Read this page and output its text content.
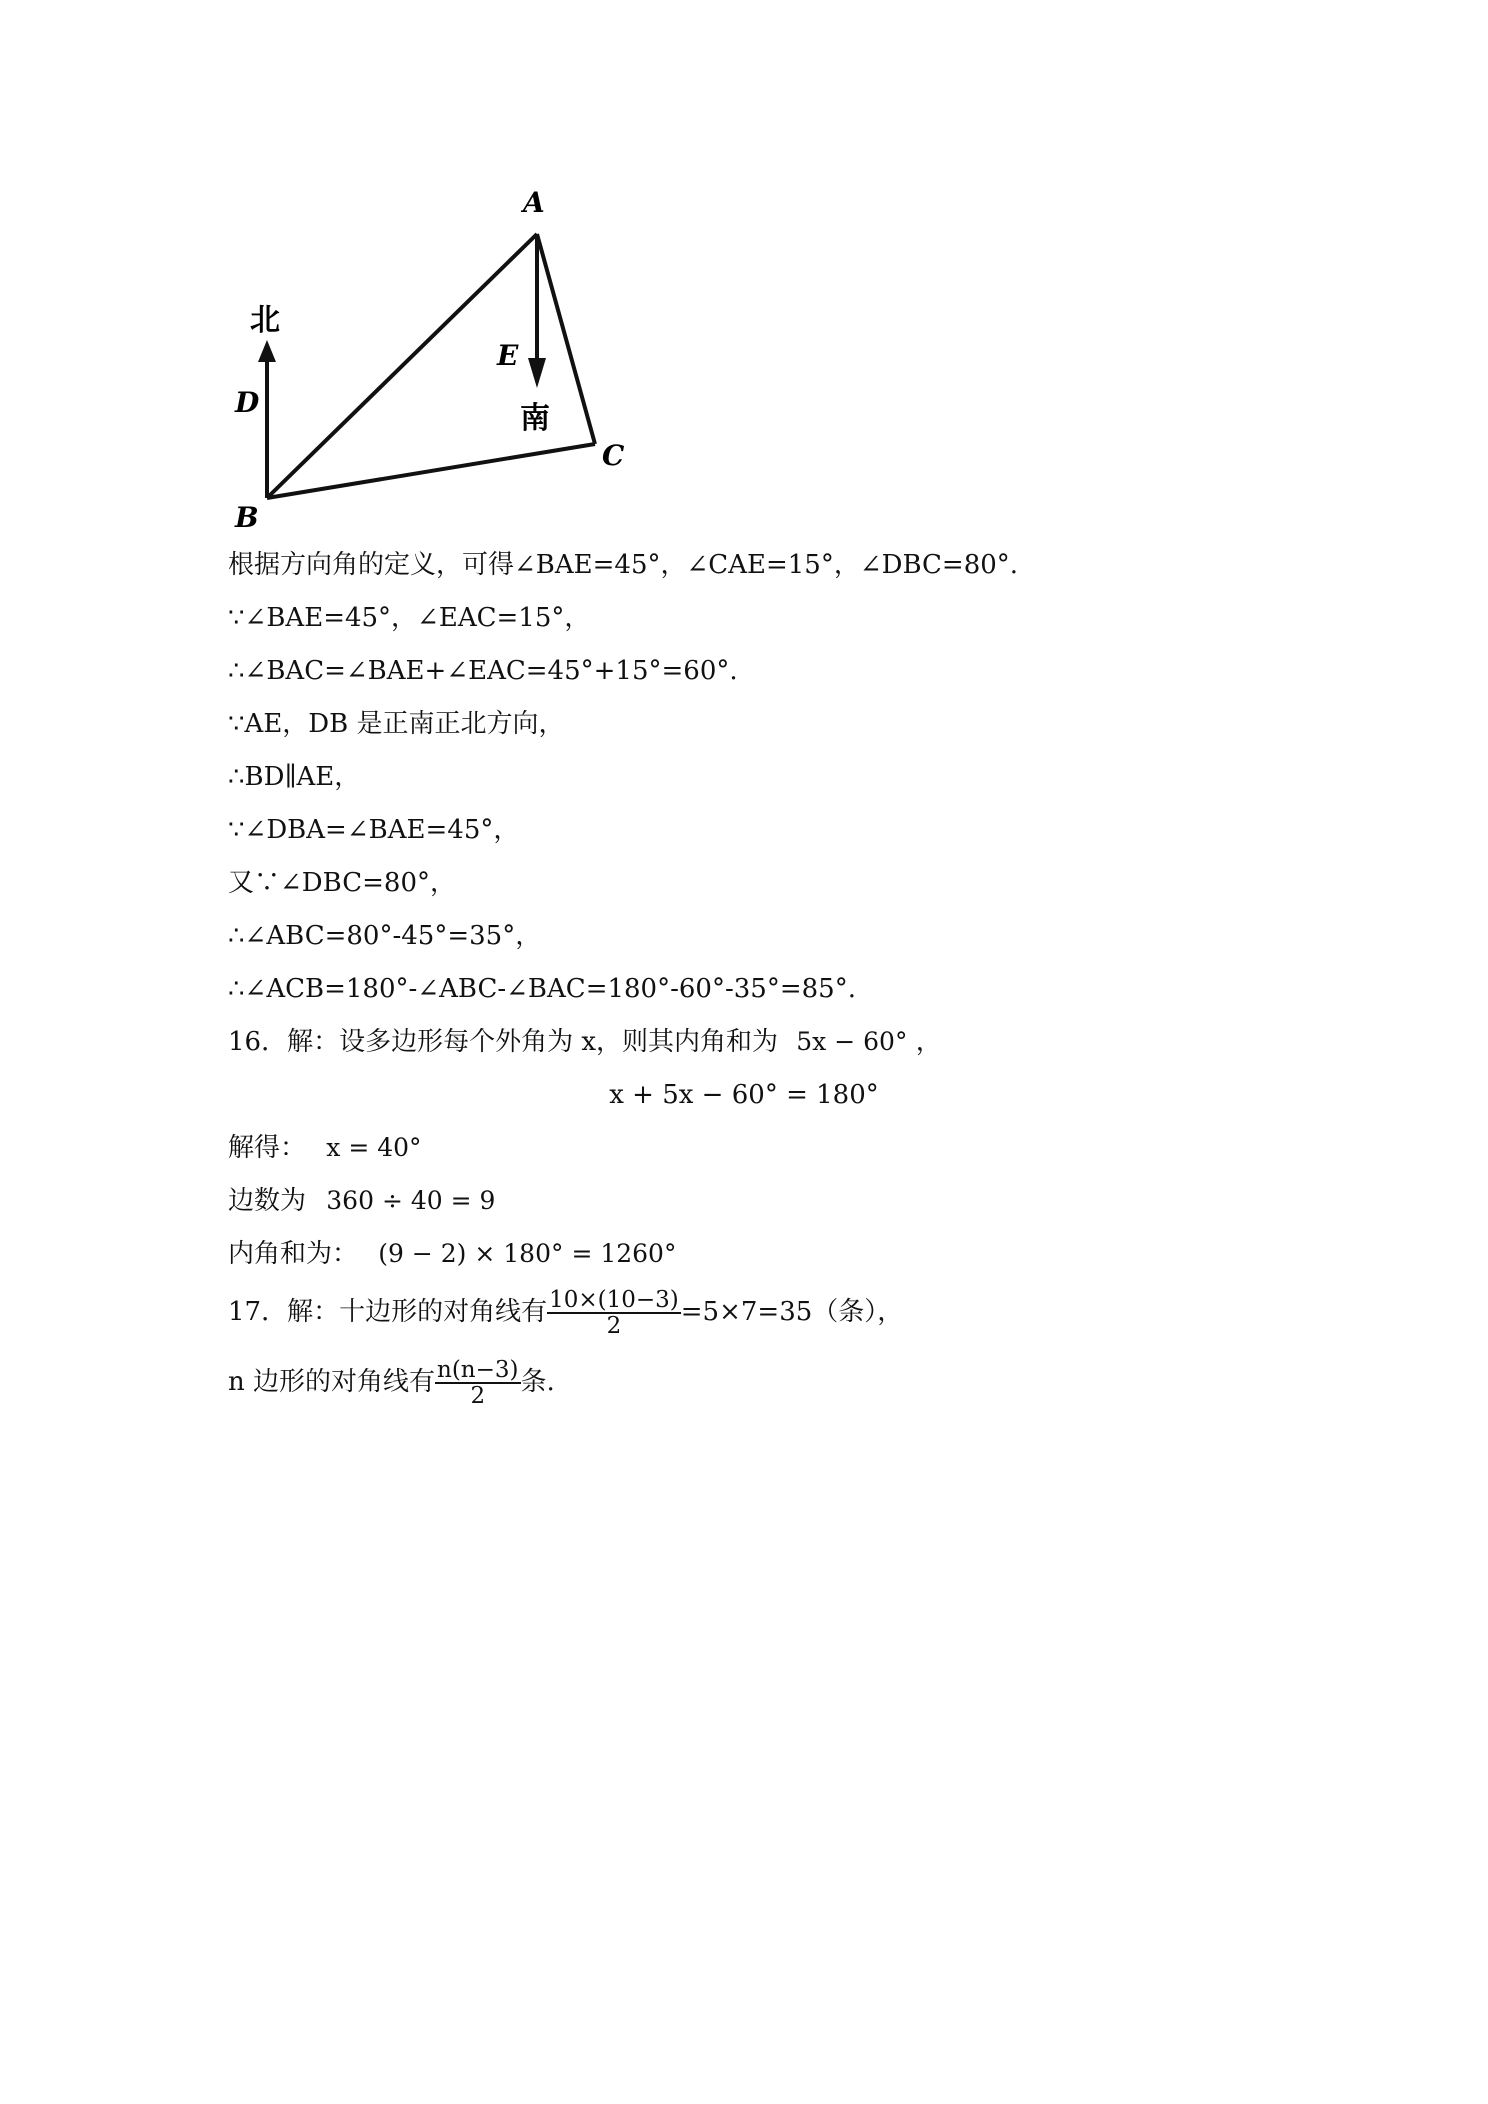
A
B
C
D
E
北
南
根据方向角的定义，可得∠BAE=45°，∠CAE=15°，∠DBC=80°.
∵∠BAE=45°，∠EAC=15°，
∴∠BAC=∠BAE+∠EAC=45°+15°=60°.
∵AE，DB 是正南正北方向，
∴BD∥AE，
∵∠DBA=∠BAE=45°，
又∵∠DBC=80°，
∴∠ABC=80°-45°=35°，
∴∠ACB=180°-∠ABC-∠BAC=180°-60°-35°=85°.
16．解：设多边形每个外角为 x，则其内角和为 5x − 60° ，
x + 5x − 60° = 180°
解得： x = 40°
边数为 360 ÷ 40 = 9
内角和为： (9 − 2) × 180° = 1260°
17．解：十边形的对角线有 $\frac{10\times(10-3)}{2} =5\times 7=35$（条），
n 边形的对角线有 $\frac{n(n-3)}{2}$ 条.
